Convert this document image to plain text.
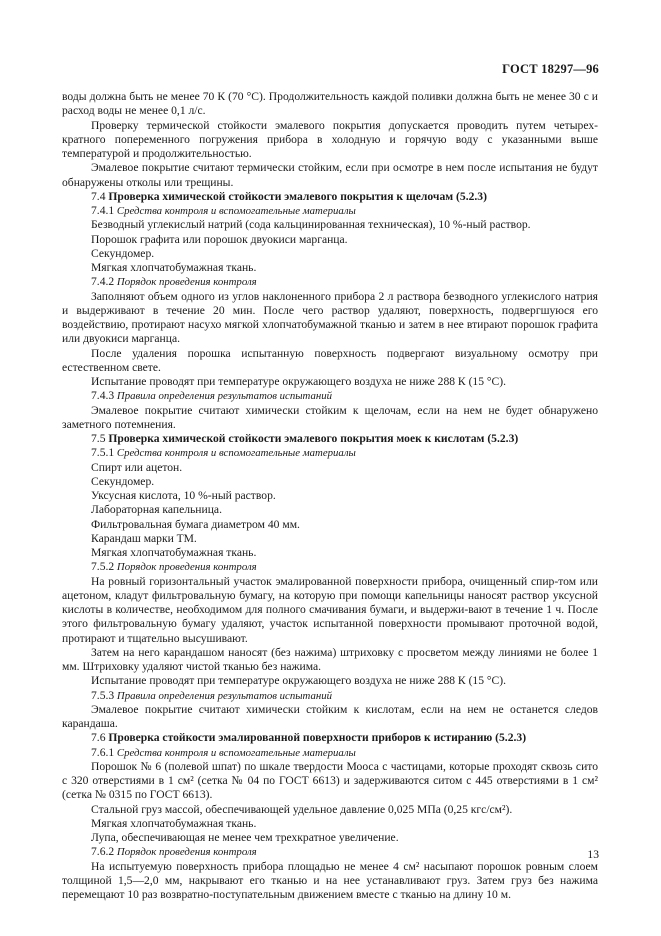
ГОСТ 18297—96

воды должна быть не менее 70 К (70 °С). Продолжительность каждой поливки должна быть не менее 30 с и расход воды не менее 0,1 л/с.

Проверку термической стойкости эмалевого покрытия допускается проводить путем четырех-кратного попеременного погружения прибора в холодную и горячую воду с указанными выше температурой и продолжительностью.

Эмалевое покрытие считают термически стойким, если при осмотре в нем после испытания не будут обнаружены отколы или трещины.

7.4 Проверка химической стойкости эмалевого покрытия к щелочам (5.2.3)

7.4.1 Средства контроля и вспомогательные материалы

Безводный углекислый натрий (сода кальцинированная техническая), 10 %-ный раствор.

Порошок графита или порошок двуокиси марганца.

Секундомер.

Мягкая хлопчатобумажная ткань.

7.4.2 Порядок проведения контроля

Заполняют объем одного из углов наклоненного прибора 2 л раствора безводного углекислого натрия и выдерживают в течение 20 мин. После чего раствор удаляют, поверхность, подвергшуюся его воздействию, протирают насухо мягкой хлопчатобумажной тканью и затем в нее втирают порошок графита или двуокиси марганца.

После удаления порошка испытанную поверхность подвергают визуальному осмотру при естественном свете.

Испытание проводят при температуре окружающего воздуха не ниже 288 К (15 °С).

7.4.3 Правила определения результатов испытаний

Эмалевое покрытие считают химически стойким к щелочам, если на нем не будет обнаружено заметного потемнения.

7.5 Проверка химической стойкости эмалевого покрытия моек к кислотам (5.2.3)

7.5.1 Средства контроля и вспомогательные материалы

Спирт или ацетон.

Секундомер.

Уксусная кислота, 10 %-ный раствор.

Лабораторная капельница.

Фильтровальная бумага диаметром 40 мм.

Карандаш марки ТМ.

Мягкая хлопчатобумажная ткань.

7.5.2 Порядок проведения контроля

На ровный горизонтальный участок эмалированной поверхности прибора, очищенный спир-том или ацетоном, кладут фильтровальную бумагу, на которую при помощи капельницы наносят раствор уксусной кислоты в количестве, необходимом для полного смачивания бумаги, и выдержи-вают в течение 1 ч. После этого фильтровальную бумагу удаляют, участок испытанной поверхности промывают проточной водой, протирают и тщательно высушивают.

Затем на него карандашом наносят (без нажима) штриховку с просветом между линиями не более 1 мм. Штриховку удаляют чистой тканью без нажима.

Испытание проводят при температуре окружающего воздуха не ниже 288 К (15 °С).

7.5.3 Правила определения результатов испытаний

Эмалевое покрытие считают химически стойким к кислотам, если на нем не останется следов карандаша.

7.6 Проверка стойкости эмалированной поверхности приборов к истиранию (5.2.3)

7.6.1 Средства контроля и вспомогательные материалы

Порошок № 6 (полевой шпат) по шкале твердости Мооса с частицами, которые проходят сквозь сито с 320 отверстиями в 1 см² (сетка № 04 по ГОСТ 6613) и задерживаются ситом с 445 отверстиями в 1 см² (сетка № 0315 по ГОСТ 6613).

Стальной груз массой, обеспечивающей удельное давление 0,025 МПа (0,25 кгс/см²).

Мягкая хлопчатобумажная ткань.

Лупа, обеспечивающая не менее чем трехкратное увеличение.

7.6.2 Порядок проведения контроля

На испытуемую поверхность прибора площадью не менее 4 см² насыпают порошок ровным слоем толщиной 1,5—2,0 мм, накрывают его тканью и на нее устанавливают груз. Затем груз без нажима перемещают 10 раз возвратно-поступательным движением вместе с тканью на длину 10 м.

13
